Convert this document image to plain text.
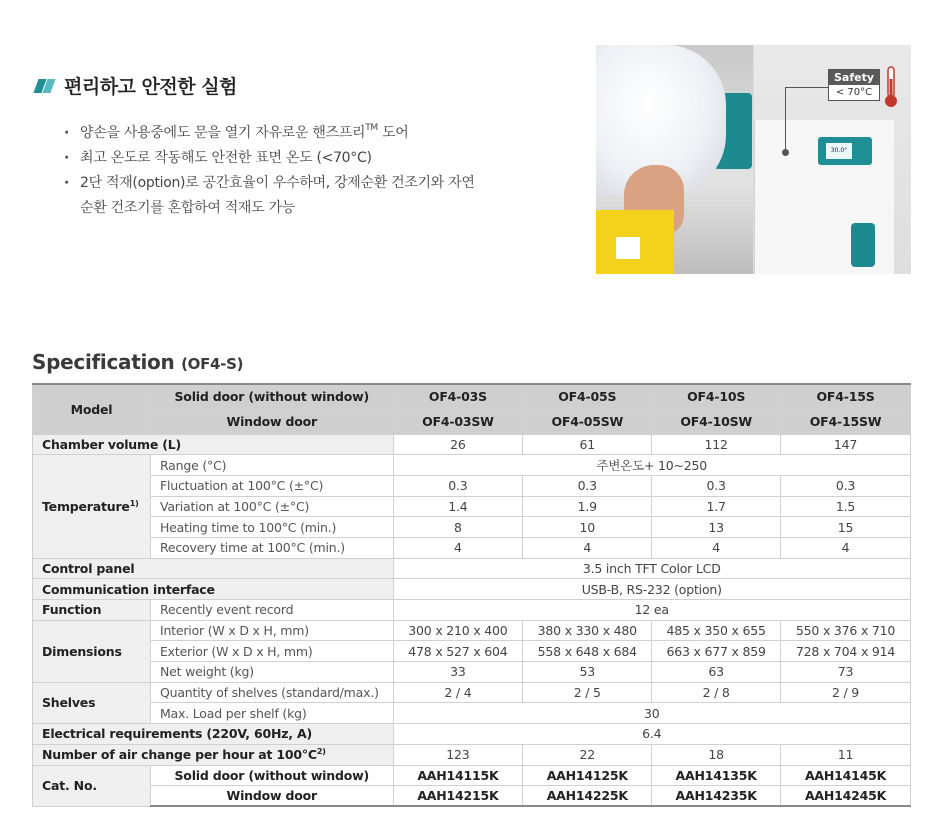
편리하고 안전한 실험
· 양손을 사용중에도 문을 열기 자유로운 핸즈프리™ 도어
· 최고 온도로 작동해도 안전한 표면 온도 (<70°C)
· 2단 적재(option)로 공간효율이 우수하며, 강제순환 건조기와 자연순환 건조기를 혼합하여 적재도 가능
30.0°
Safety
< 70°C
Specification (OF4-S)
Model	Solid door (without window)	OF4-03S	OF4-05S	OF4-10S	OF4-15S
	Window door	OF4-03SW	OF4-05SW	OF4-10SW	OF4-15SW
Chamber volume (L)		26	61	112	147
Temperature$^{1)}$	Range (°C)	주변온도+ 10~250			
	Fluctuation at 100°C (±°C)	0.3	0.3	0.3	0.3
	Variation at 100°C (±°C)	1.4	1.9	1.7	1.5
	Heating time to 100°C (min.)	8	10	13	15
	Recovery time at 100°C (min.)	4	4	4	4
Control panel		3.5 inch TFT Color LCD			
Communication interface		USB-B, RS-232 (option)			
Function	Recently event record	12 ea			
Dimensions	Interior (W x D x H, mm)	300 x 210 x 400	380 x 330 x 480	485 x 350 x 655	550 x 376 x 710
	Exterior (W x D x H, mm)	478 x 527 x 604	558 x 648 x 684	663 x 677 x 859	728 x 704 x 914
	Net weight (kg)	33	53	63	73
Shelves	Quantity of shelves (standard/max.)	2 / 4	2 / 5	2 / 8	2 / 9
	Max. Load per shelf (kg)	30			
Electrical requirements (220V, 60Hz, A)		6.4			
Number of air change per hour at $100^\circ C^{2)}$		123	22	18	11
Cat. No.	Solid door (without window)	AAH14115K	AAH14125K	AAH14135K	AAH14145K
	Window door	AAH14215K	AAH14225K	AAH14235K	AAH14245K
